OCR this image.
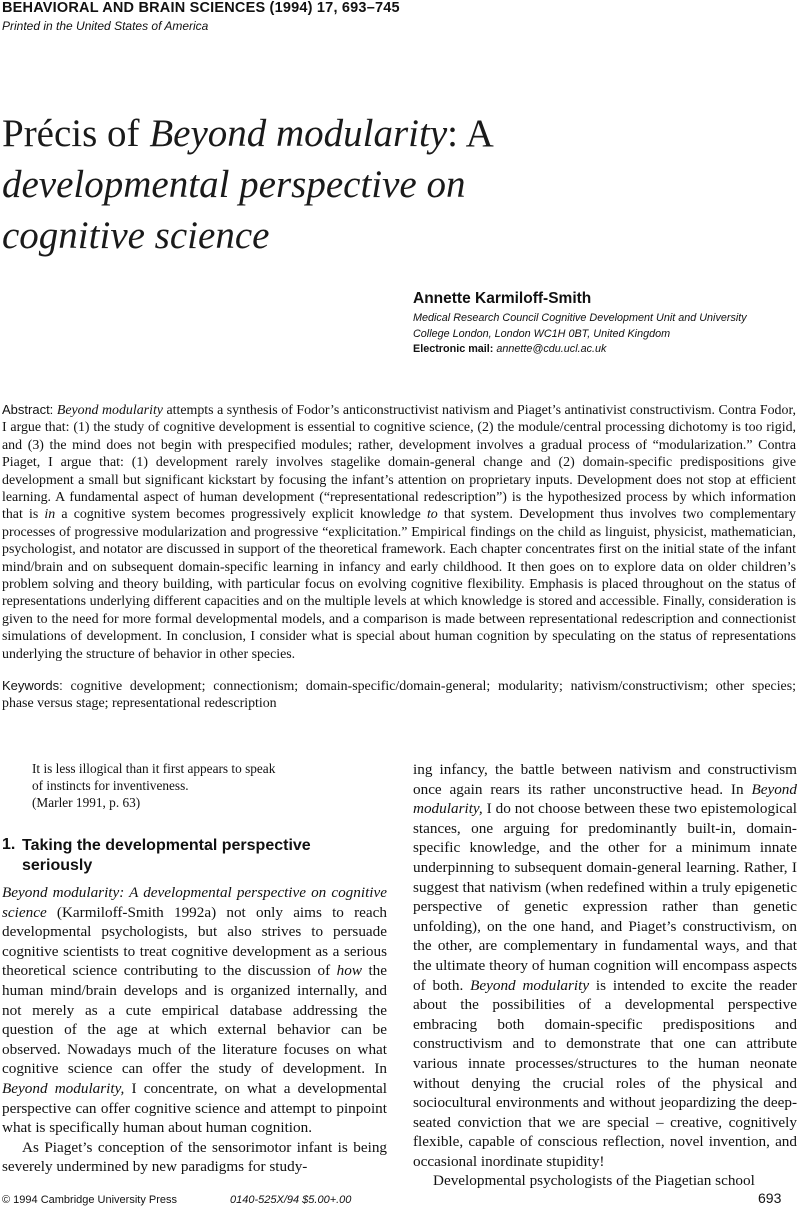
BEHAVIORAL AND BRAIN SCIENCES (1994) 17, 693–745
Printed in the United States of America
Précis of Beyond modularity: A
developmental perspective on
cognitive science
Annette Karmiloff-Smith
Medical Research Council Cognitive Development Unit and University
College London, London WC1H 0BT, United Kingdom
Electronic mail: annette@cdu.ucl.ac.uk
Abstract: Beyond modularity attempts a synthesis of Fodor’s anticonstructivist nativism and Piaget’s antinativist constructivism. Contra Fodor, I argue that: (1) the study of cognitive development is essential to cognitive science, (2) the module/central processing dichotomy is too rigid, and (3) the mind does not begin with prespecified modules; rather, development involves a gradual process of “modularization.” Contra Piaget, I argue that: (1) development rarely involves stagelike domain-general change and (2) domain-specific predispositions give development a small but significant kickstart by focusing the infant’s attention on proprietary inputs. Development does not stop at efficient learning. A fundamental aspect of human development (“representational redescription”) is the hypothesized process by which information that is in a cognitive system becomes progressively explicit knowledge to that system. Development thus involves two complementary processes of progressive modularization and progressive “explicitation.” Empirical findings on the child as linguist, physicist, mathematician, psychologist, and notator are discussed in support of the theoretical framework. Each chapter concentrates first on the initial state of the infant mind/brain and on subsequent domain-specific learning in infancy and early childhood. It then goes on to explore data on older children’s problem solving and theory building, with particular focus on evolving cognitive flexibility. Emphasis is placed throughout on the status of representations underlying different capacities and on the multiple levels at which knowledge is stored and accessible. Finally, consideration is given to the need for more formal developmental models, and a comparison is made between representational redescription and connectionist simulations of development. In conclusion, I consider what is special about human cognition by speculating on the status of representations underlying the structure of behavior in other species.
Keywords: cognitive development; connectionism; domain-specific/domain-general; modularity; nativism/constructivism; other species; phase versus stage; representational redescription
It is less illogical than it first appears to speak
of instincts for inventiveness.
(Marler 1991, p. 63)
1. Taking the developmental perspective seriously

Beyond modularity: A developmental perspective on cognitive science (Karmiloff-Smith 1992a) not only aims to reach developmental psychologists, but also strives to persuade cognitive scientists to treat cognitive development as a serious theoretical science contributing to the discussion of how the human mind/brain develops and is organized internally, and not merely as a cute empirical database addressing the question of the age at which external behavior can be observed. Nowadays much of the literature focuses on what cognitive science can offer the study of development. In Beyond modularity, I concentrate, on what a developmental perspective can offer cognitive science and attempt to pinpoint what is specifically human about human cognition.

As Piaget’s conception of the sensorimotor infant is being severely undermined by new paradigms for study-

ing infancy, the battle between nativism and constructivism once again rears its rather unconstructive head. In Beyond modularity, I do not choose between these two epistemological stances, one arguing for predominantly built-in, domain-specific knowledge, and the other for a minimum innate underpinning to subsequent domain-general learning. Rather, I suggest that nativism (when redefined within a truly epigenetic perspective of genetic expression rather than genetic unfolding), on the one hand, and Piaget’s constructivism, on the other, are complementary in fundamental ways, and that the ultimate theory of human cognition will encompass aspects of both. Beyond modularity is intended to excite the reader about the possibilities of a developmental perspective embracing both domain-specific predispositions and constructivism and to demonstrate that one can attribute various innate processes/structures to the human neonate without denying the crucial roles of the physical and sociocultural environments and without jeopardizing the deep-seated conviction that we are special – creative, cognitively flexible, capable of conscious reflection, novel invention, and occasional inordinate stupidity!

Developmental psychologists of the Piagetian school

© 1994 Cambridge University Press	0140-525X/94 $5.00+.00	693
